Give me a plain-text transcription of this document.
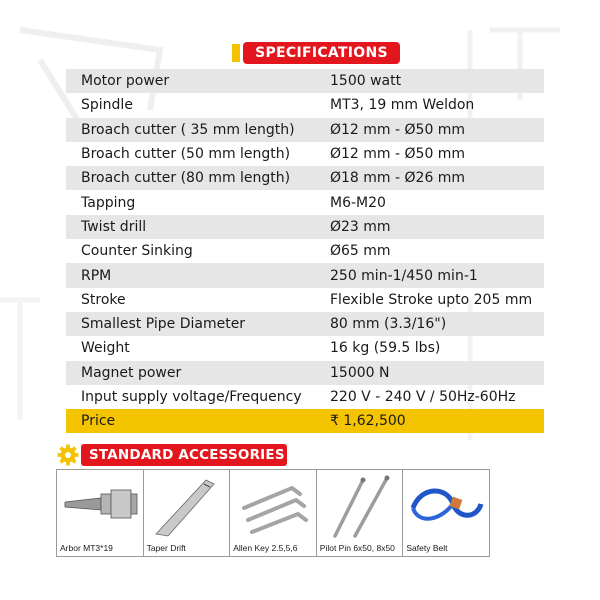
SPECIFICATIONS
Motor power	1500 watt
Spindle	MT3, 19 mm Weldon
Broach cutter ( 35 mm length)	Ø12 mm - Ø50 mm
Broach cutter (50 mm length)	Ø12 mm - Ø50 mm
Broach cutter (80 mm length)	Ø18 mm - Ø26 mm
Tapping	M6-M20
Twist drill	Ø23 mm
Counter Sinking	Ø65 mm
RPM	250 min-1/450 min-1
Stroke	Flexible Stroke upto 205 mm
Smallest Pipe Diameter	80 mm (3.3/16")
Weight	16 kg (59.5 lbs)
Magnet power	15000 N
Input supply voltage/Frequency	220 V - 240 V / 50Hz-60Hz
Price	₹ 1,62,500
STANDARD ACCESSORIES
Arbor MT3*19	Taper Drift	Allen Key 2.5,5,6	Pilot Pin 6x50, 8x50 Safety Belt
